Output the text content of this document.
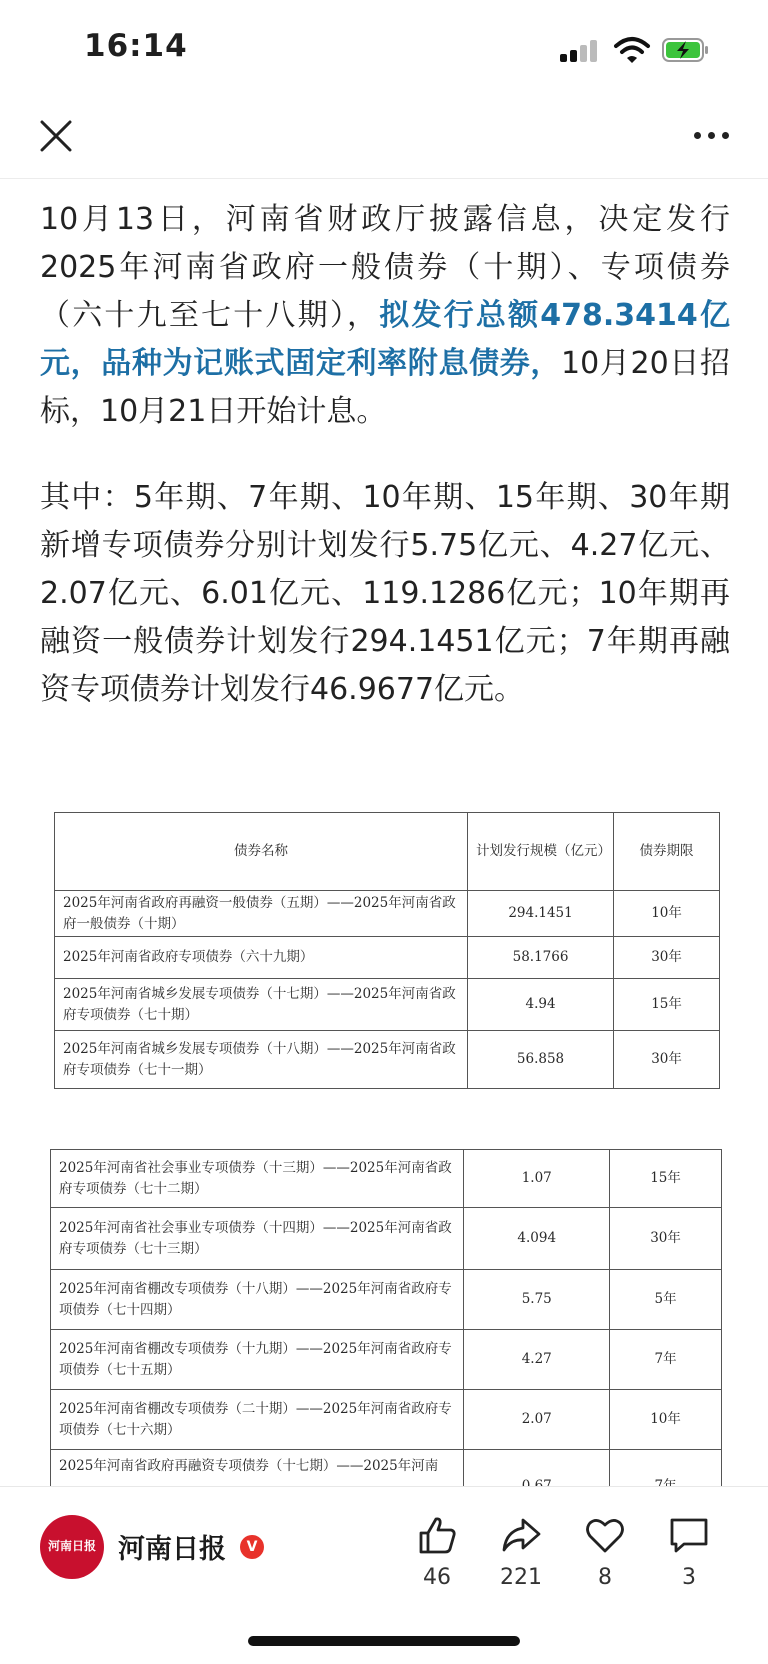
16:14
10月13日，河南省财政厅披露信息，决定发行2025年河南省政府一般债券（十期）、专项债券（六十九至七十八期），拟发行总额478.3414亿元，品种为记账式固定利率附息债券，10月20日招标，10月21日开始计息。
其中：5年期、7年期、10年期、15年期、30年期新增专项债券分别计划发行5.75亿元、4.27亿元、2.07亿元、6.01亿元、119.1286亿元；10年期再融资一般债券计划发行294.1451亿元；7年期再融资专项债券计划发行46.9677亿元。
债券名称	计划发行规模（亿元）	债券期限
2025年河南省政府再融资一般债券（五期）——2025年河南省政府一般债券（十期）	294.1451	10年
2025年河南省政府专项债券（六十九期）	58.1766	30年
2025年河南省城乡发展专项债券（十七期）——2025年河南省政府专项债券（七十期）	4.94	15年
2025年河南省城乡发展专项债券（十八期）——2025年河南省政府专项债券（七十一期）	56.858	30年
2025年河南省社会事业专项债券（十三期）——2025年河南省政府专项债券（七十二期）	1.07	15年
2025年河南省社会事业专项债券（十四期）——2025年河南省政府专项债券（七十三期）	4.094	30年
2025年河南省棚改专项债券（十八期）——2025年河南省政府专项债券（七十四期）	5.75	5年
2025年河南省棚改专项债券（十九期）——2025年河南省政府专项债券（七十五期）	4.27	7年
2025年河南省棚改专项债券（二十期）——2025年河南省政府专项债券（七十六期）	2.07	10年
2025年河南省政府再融资专项债券（十七期）——2025年河南		
河南日报 河南日报	V
46	221	8	3
